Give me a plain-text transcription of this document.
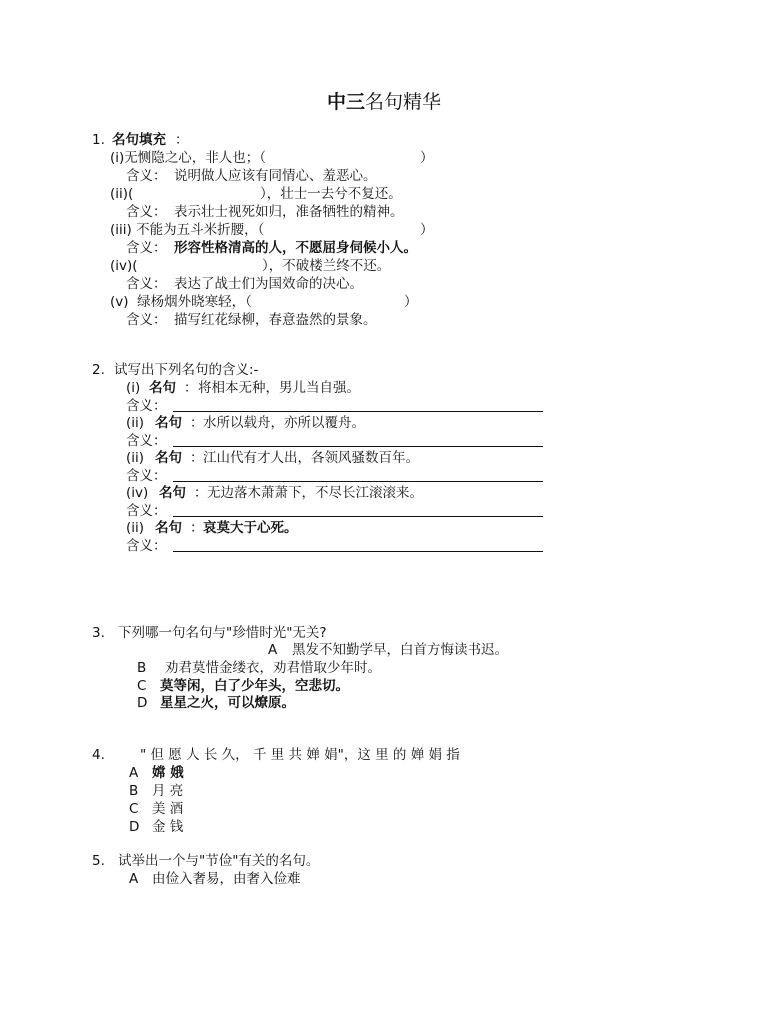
中三名句精华
1. 名句填充 ：
(i)无恻隐之心，非人也；（	）
含义： 说明做人应该有同情心、羞恶心。
(ii)(	），壮士一去兮不复还。
含义： 表示壮士视死如归，准备牺牲的精神。
(iii) 不能为五斗米折腰，（	）
含义： 形容性格清高的人，不愿屈身伺候小人。
(iv)(	），不破楼兰终不还。
含义： 表达了战士们为国效命的决心。
(v)  绿杨烟外晓寒轻，（	）
含义： 描写红花绿柳，春意盎然的景象。
2. 试写出下列名句的含义:-
(i) 名句 ： 将相本无种，男儿当自强。
含义：
(ii) 名句 ： 水所以载舟，亦所以覆舟。
含义：
(ii) 名句 ： 江山代有才人出，各领风骚数百年。
含义：
(iv) 名句 ： 无边落木萧萧下，不尽长江滚滚来。
含义：
(ii) 名句 ： 哀莫大于心死。
含义：
3. 下列哪一句名句与"珍惜时光"无关?
A 黑发不知勤学早，白首方悔读书迟。
B 劝君莫惜金缕衣，劝君惜取少年时。
C 莫等闲，白了少年头，空悲切。
D 星星之火，可以燎原。
4.	" 但 愿 人 长 久， 千 里 共 婵 娟"，这 里 的 婵 娟 指
A 嫦 娥
B 月 亮
C 美 酒
D 金 钱
5. 试举出一个与"节俭"有关的名句。
A 由俭入奢易，由奢入俭难
